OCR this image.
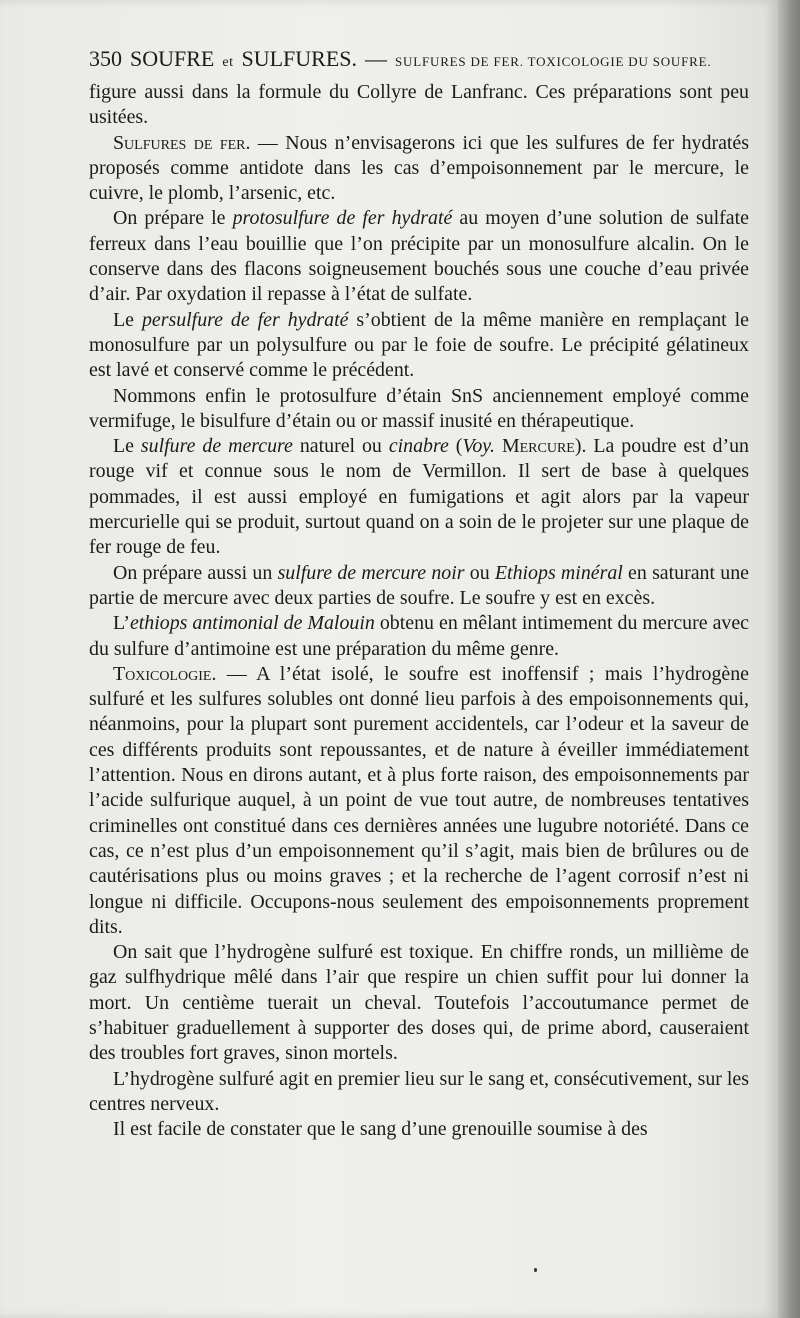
350 SOUFRE et SULFURES. — SULFURES DE FER. TOXICOLOGIE DU SOUFRE.

figure aussi dans la formule du Collyre de Lanfranc. Ces préparations sont peu usitées.

Sulfures de fer. — Nous n’envisagerons ici que les sulfures de fer hydratés proposés comme antidote dans les cas d’empoisonnement par le mercure, le cuivre, le plomb, l’arsenic, etc.

On prépare le protosulfure de fer hydraté au moyen d’une solution de sulfate ferreux dans l’eau bouillie que l’on précipite par un monosulfure alcalin. On le conserve dans des flacons soigneusement bouchés sous une couche d’eau privée d’air. Par oxydation il repasse à l’état de sulfate.

Le persulfure de fer hydraté s’obtient de la même manière en remplaçant le monosulfure par un polysulfure ou par le foie de soufre. Le précipité gélatineux est lavé et conservé comme le précédent.

Nommons enfin le protosulfure d’étain SnS anciennement employé comme vermifuge, le bisulfure d’étain ou or massif inusité en thérapeutique.

Le sulfure de mercure naturel ou cinabre (Voy. Mercure). La poudre est d’un rouge vif et connue sous le nom de Vermillon. Il sert de base à quelques pommades, il est aussi employé en fumigations et agit alors par la vapeur mercurielle qui se produit, surtout quand on a soin de le projeter sur une plaque de fer rouge de feu.

On prépare aussi un sulfure de mercure noir ou Ethiops minéral en saturant une partie de mercure avec deux parties de soufre. Le soufre y est en excès.

L’ethiops antimonial de Malouin obtenu en mêlant intimement du mercure avec du sulfure d’antimoine est une préparation du même genre.

Toxicologie. — A l’état isolé, le soufre est inoffensif ; mais l’hydrogène sulfuré et les sulfures solubles ont donné lieu parfois à des empoisonnements qui, néanmoins, pour la plupart sont purement accidentels, car l’odeur et la saveur de ces différents produits sont repoussantes, et de nature à éveiller immédiatement l’attention. Nous en dirons autant, et à plus forte raison, des empoisonnements par l’acide sulfurique auquel, à un point de vue tout autre, de nombreuses tentatives criminelles ont constitué dans ces dernières années une lugubre notoriété. Dans ce cas, ce n’est plus d’un empoisonnement qu’il s’agit, mais bien de brûlures ou de cautérisations plus ou moins graves ; et la recherche de l’agent corrosif n’est ni longue ni difficile. Occupons-nous seulement des empoisonnements proprement dits.

On sait que l’hydrogène sulfuré est toxique. En chiffre ronds, un millième de gaz sulfhydrique mêlé dans l’air que respire un chien suffit pour lui donner la mort. Un centième tuerait un cheval. Toutefois l’accoutumance permet de s’habituer graduellement à supporter des doses qui, de prime abord, causeraient des troubles fort graves, sinon mortels.

L’hydrogène sulfuré agit en premier lieu sur le sang et, consécutivement, sur les centres nerveux.

Il est facile de constater que le sang d’une grenouille soumise à des
